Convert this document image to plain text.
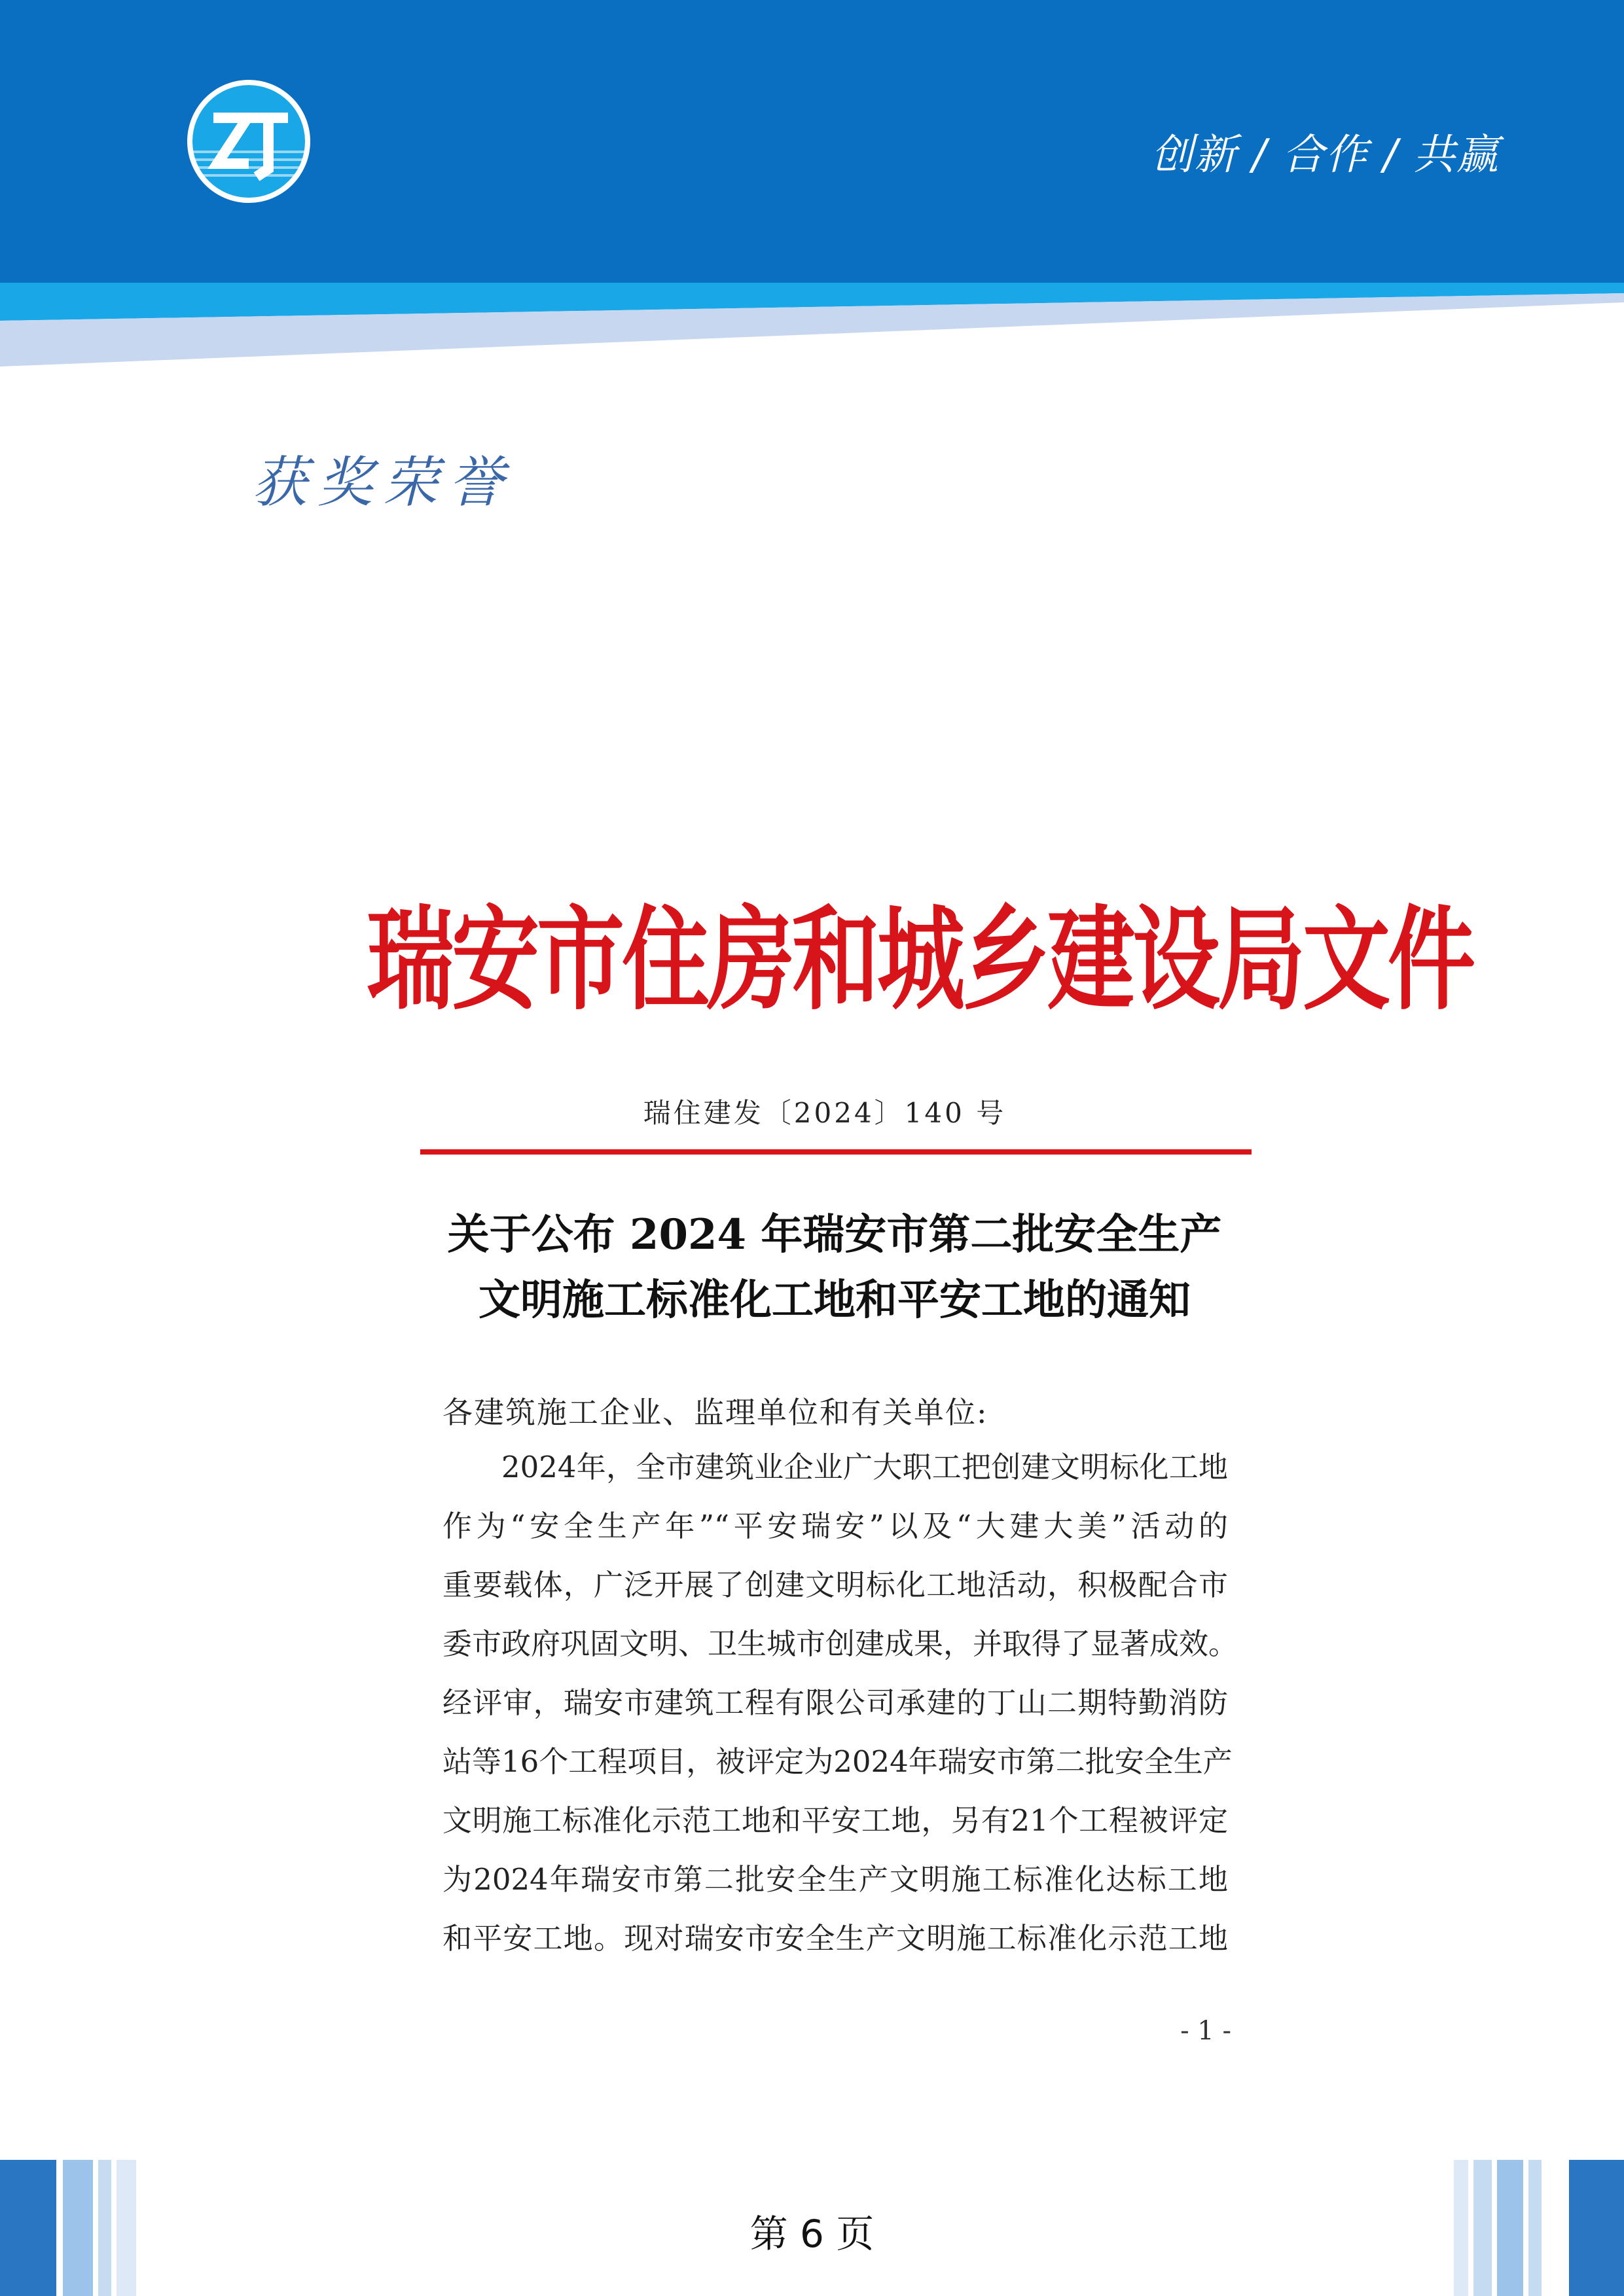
创新 / 合作 / 共赢
获奖荣誉
瑞安市住房和城乡建设局文件
瑞住建发〔2024〕140 号
关于公布 2024 年瑞安市第二批安全生产
文明施工标准化工地和平安工地的通知
各建筑施工企业、监理单位和有关单位:
2024年，全市建筑业企业广大职工把创建文明标化工地
作为“安全生产年”“平安瑞安”以及“大建大美”活动的
重要载体，广泛开展了创建文明标化工地活动，积极配合市
委市政府巩固文明、卫生城市创建成果，并取得了显著成效。
经评审，瑞安市建筑工程有限公司承建的丁山二期特勤消防
站等16个工程项目，被评定为2024年瑞安市第二批安全生产
文明施工标准化示范工地和平安工地，另有21个工程被评定
为2024年瑞安市第二批安全生产文明施工标准化达标工地
和平安工地。现对瑞安市安全生产文明施工标准化示范工地
- 1 -
第 6 页
